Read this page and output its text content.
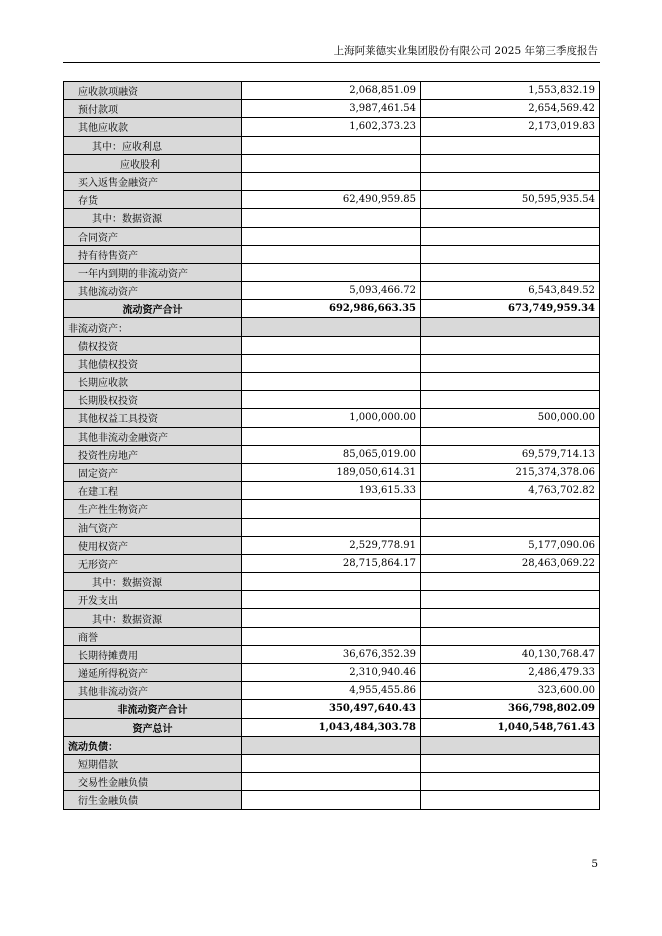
上海阿莱德实业集团股份有限公司 2025 年第三季度报告
应收款项融资	2,068,851.09	1,553,832.19
预付款项	3,987,461.54	2,654,569.42
其他应收款	1,602,373.23	2,173,019.83
其中：应收利息		
应收股利		
买入返售金融资产		
存货	62,490,959.85	50,595,935.54
其中：数据资源		
合同资产		
持有待售资产		
一年内到期的非流动资产		
其他流动资产	5,093,466.72	6,543,849.52
流动资产合计	692,986,663.35	673,749,959.34
非流动资产：		
债权投资		
其他债权投资		
长期应收款		
长期股权投资		
其他权益工具投资	1,000,000.00	500,000.00
其他非流动金融资产		
投资性房地产	85,065,019.00	69,579,714.13
固定资产	189,050,614.31	215,374,378.06
在建工程	193,615.33	4,763,702.82
生产性生物资产		
油气资产		
使用权资产	2,529,778.91	5,177,090.06
无形资产	28,715,864.17	28,463,069.22
其中：数据资源		
开发支出		
其中：数据资源		
商誉		
长期待摊费用	36,676,352.39	40,130,768.47
递延所得税资产	2,310,940.46	2,486,479.33
其他非流动资产	4,955,455.86	323,600.00
非流动资产合计	350,497,640.43	366,798,802.09
资产总计	1,043,484,303.78	1,040,548,761.43
流动负债：		
短期借款		
交易性金融负债		
衍生金融负债		
5
